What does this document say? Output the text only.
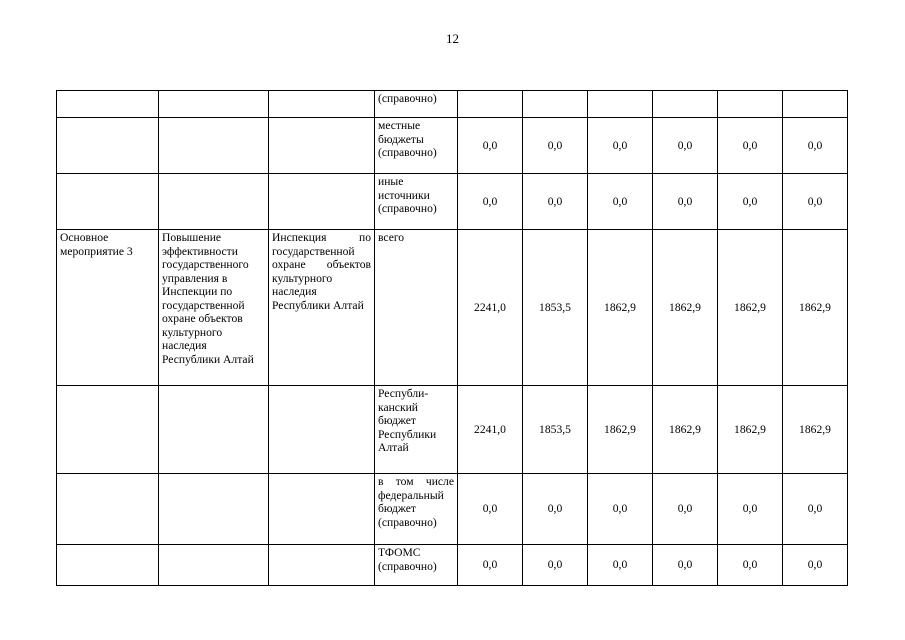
12
			(справочно)						
			местные бюджеты (справочно)	0,0	0,0	0,0	0,0	0,0	0,0
			иные источники (справочно)	0,0	0,0	0,0	0,0	0,0	0,0
Основное мероприятие 3	Повышение эффективности государственного управления в Инспекции по государственной охране объектов культурного наследия Республики Алтай	Инспекция по государственной охране объектов культурного наследия Республики Алтай	всего	2241,0	1853,5	1862,9	1862,9	1862,9	1862,9
			Республи-канский бюджет Республики Алтай	2241,0	1853,5	1862,9	1862,9	1862,9	1862,9
			в том числе федеральный бюджет (справочно)	0,0	0,0	0,0	0,0	0,0	0,0
			ТФОМС (справочно)	0,0	0,0	0,0	0,0	0,0	0,0
